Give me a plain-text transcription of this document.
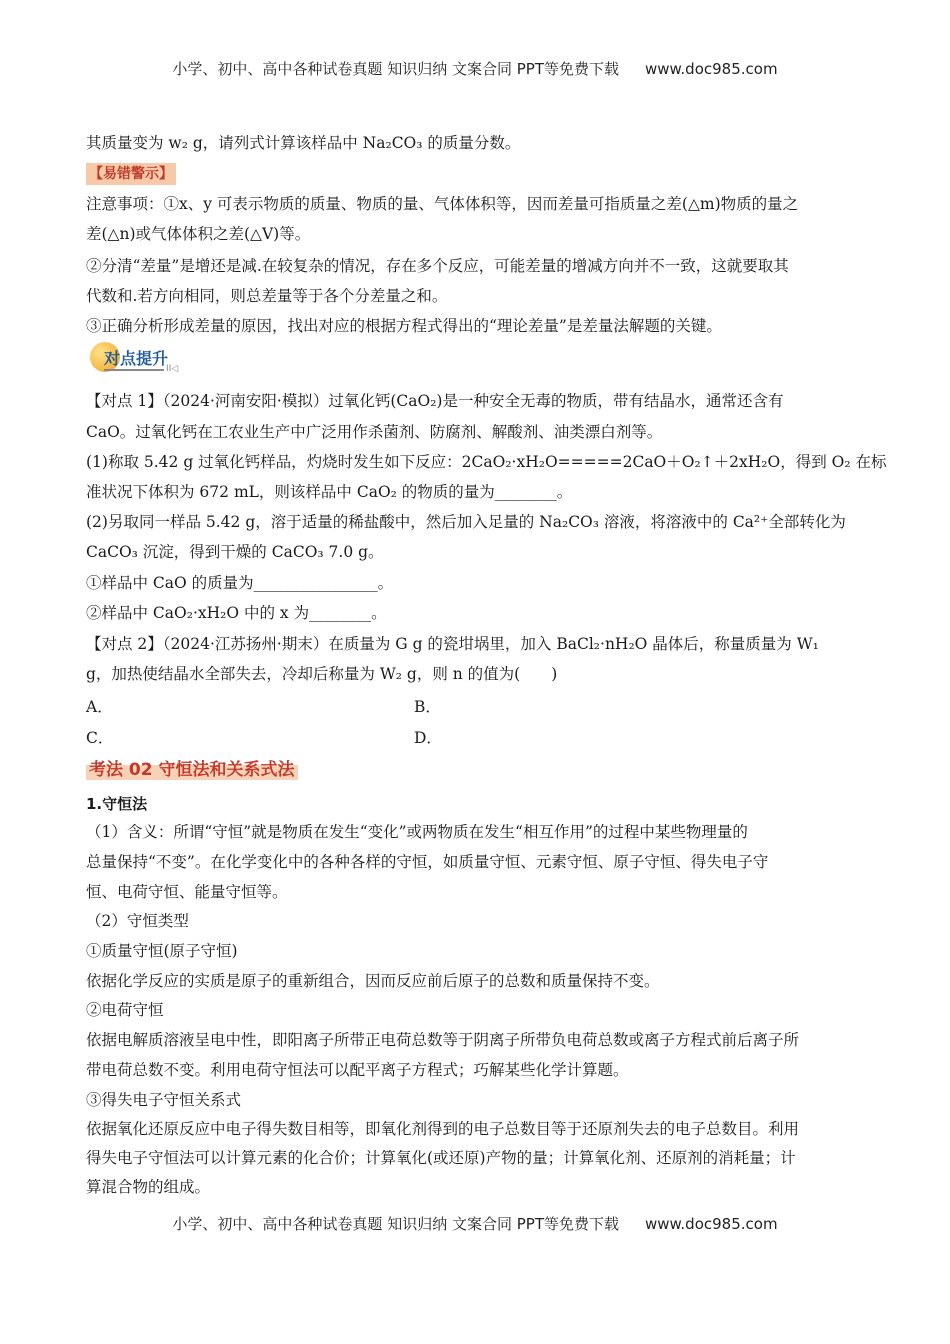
小学、初中、高中各种试卷真题 知识归纳 文案合同 PPT等免费下载 www.doc985.com
其质量变为 w₂ g，请列式计算该样品中 Na₂CO₃ 的质量分数。
【易错警示】
注意事项：①x、y 可表示物质的质量、物质的量、气体体积等，因而差量可指质量之差(△m)物质的量之
差(△n)或气体体积之差(△V)等。
②分清“差量”是增还是减.在较复杂的情况，存在多个反应，可能差量的增减方向并不一致，这就要取其
代数和.若方向相同，则总差量等于各个分差量之和。
③正确分析形成差量的原因，找出对应的根据方程式得出的“理论差量”是差量法解题的关键。
对点提升
II◁
【对点 1】（2024·河南安阳·模拟）过氧化钙(CaO₂)是一种安全无毒的物质，带有结晶水，通常还含有
CaO。过氧化钙在工农业生产中广泛用作杀菌剂、防腐剂、解酸剂、油类漂白剂等。
(1)称取 5.42 g 过氧化钙样品，灼烧时发生如下反应：2CaO₂·xH₂O=====2CaO＋O₂↑＋2xH₂O，得到 O₂ 在标
准状况下体积为 672 mL，则该样品中 CaO₂ 的物质的量为________。
(2)另取同一样品 5.42 g，溶于适量的稀盐酸中，然后加入足量的 Na₂CO₃ 溶液，将溶液中的 Ca²⁺全部转化为
CaCO₃ 沉淀，得到干燥的 CaCO₃ 7.0 g。
①样品中 CaO 的质量为________________。
②样品中 CaO₂·xH₂O 中的 x 为________。
【对点 2】（2024·江苏扬州·期末）在质量为 G g 的瓷坩埚里，加入 BaCl₂·nH₂O 晶体后，称量质量为 W₁
g，加热使结晶水全部失去，冷却后称量为 W₂ g，则 n 的值为(　　)
A．	B．
C．	D．
考法 02 守恒法和关系式法
1.守恒法
（1）含义：所谓“守恒”就是物质在发生“变化”或两物质在发生“相互作用”的过程中某些物理量的
总量保持“不变”。在化学变化中的各种各样的守恒，如质量守恒、元素守恒、原子守恒、得失电子守
恒、电荷守恒、能量守恒等。
（2）守恒类型
①质量守恒(原子守恒)
依据化学反应的实质是原子的重新组合，因而反应前后原子的总数和质量保持不变。
②电荷守恒
依据电解质溶液呈电中性，即阳离子所带正电荷总数等于阴离子所带负电荷总数或离子方程式前后离子所
带电荷总数不变。利用电荷守恒法可以配平离子方程式；巧解某些化学计算题。
③得失电子守恒关系式
依据氧化还原反应中电子得失数目相等，即氧化剂得到的电子总数目等于还原剂失去的电子总数目。利用
得失电子守恒法可以计算元素的化合价；计算氧化(或还原)产物的量；计算氧化剂、还原剂的消耗量；计
算混合物的组成。
小学、初中、高中各种试卷真题 知识归纳 文案合同 PPT等免费下载 www.doc985.com
